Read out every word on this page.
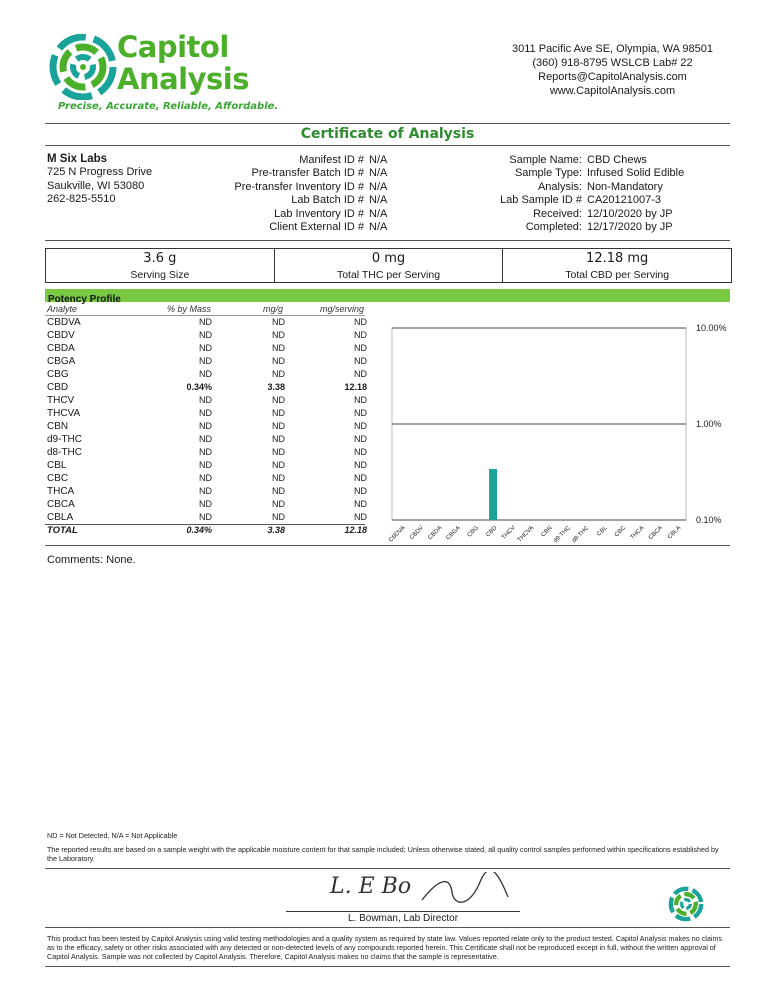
Capitol
Analysis
Precise, Accurate, Reliable, Affordable.
3011 Pacific Ave SE, Olympia, WA 98501
(360) 918-8795 WSLCB Lab# 22
Reports@CapitolAnalysis.com
www.CapitolAnalysis.com
Certificate of Analysis
M Six Labs
725 N Progress Drive
Saukville, WI 53080
262-825-5510
Manifest ID # N/A
Pre-transfer Batch ID # N/A
Pre-transfer Inventory ID # N/A
Lab Batch ID # N/A
Lab Inventory ID # N/A
Client External ID # N/A
Sample Name: CBD Chews
Sample Type: Infused Solid Edible
Analysis: Non-Mandatory
Lab Sample ID # CA20121007-3
Received: 12/10/2020 by JP
Completed: 12/17/2020 by JP
3.6 g
Serving Size
0 mg
Total THC per Serving
12.18 mg
Total CBD per Serving
Potency Profile
Analyte	% by Mass	mg/g	mg/serving
CBDVA	ND	ND	ND
CBDV	ND	ND	ND
CBDA	ND	ND	ND
CBGA	ND	ND	ND
CBG	ND	ND	ND
CBD	0.34%	3.38	12.18
THCV	ND	ND	ND
THCVA	ND	ND	ND
CBN	ND	ND	ND
d9-THC	ND	ND	ND
d8-THC	ND	ND	ND
CBL	ND	ND	ND
CBC	ND	ND	ND
THCA	ND	ND	ND
CBCA	ND	ND	ND
CBLA	ND	ND	ND
TOTAL	0.34%	3.38	12.18
10.00%
1.00%
0.10%
CBDVA CBDV CBDA CBGA CBG CBD THCV THCVA CBN d9-THC d8-THC CBL CBC THCA CBCA CBLA
Comments: None.
ND = Not Detected, N/A = Not Applicable
The reported results are based on a sample weight with the applicable moisture content for that sample included; Unless otherwise stated, all quality control samples performed within specifications established by the Laboratory.
L. E Bo
L. Bowman, Lab Director
This product has been tested by Capitol Analysis using valid testing methodologies and a quality system as required by state law. Values reported relate only to the product tested. Capitol Analysis makes no claims as to the efficacy, safety or other risks associated with any detected or non-detected levels of any compounds reported herein. This Certificate shall not be reproduced except in full, without the written approval of Capitol Analysis. Sample was not collected by Capitol Analysis. Therefore, Capitol Analysis makes no claims that the sample is representative.
